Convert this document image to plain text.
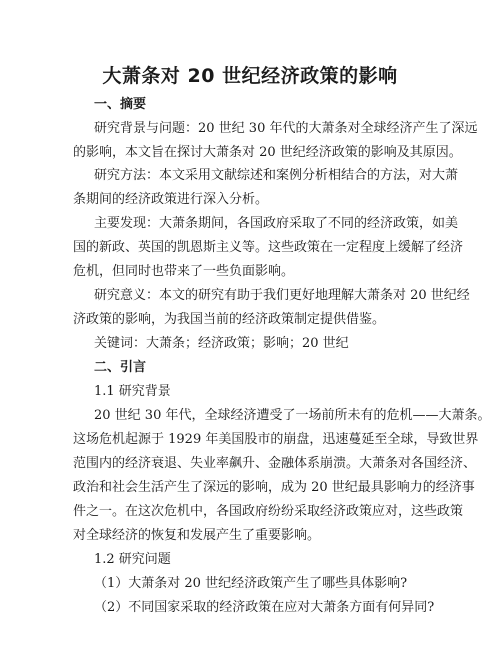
大萧条对 20 世纪经济政策的影响
一、摘要
研究背景与问题：20 世纪 30 年代的大萧条对全球经济产生了深远
的影响，本文旨在探讨大萧条对 20 世纪经济政策的影响及其原因。
研究方法：本文采用文献综述和案例分析相结合的方法，对大萧
条期间的经济政策进行深入分析。
主要发现：大萧条期间，各国政府采取了不同的经济政策，如美
国的新政、英国的凯恩斯主义等。这些政策在一定程度上缓解了经济
危机，但同时也带来了一些负面影响。
研究意义：本文的研究有助于我们更好地理解大萧条对 20 世纪经
济政策的影响，为我国当前的经济政策制定提供借鉴。
关键词：大萧条；经济政策；影响；20 世纪
二、引言
1.1 研究背景
20 世纪 30 年代，全球经济遭受了一场前所未有的危机——大萧条。
这场危机起源于 1929 年美国股市的崩盘，迅速蔓延至全球，导致世界
范围内的经济衰退、失业率飙升、金融体系崩溃。大萧条对各国经济、
政治和社会生活产生了深远的影响，成为 20 世纪最具影响力的经济事
件之一。在这次危机中，各国政府纷纷采取经济政策应对，这些政策
对全球经济的恢复和发展产生了重要影响。
1.2 研究问题
（1）大萧条对 20 世纪经济政策产生了哪些具体影响?
（2）不同国家采取的经济政策在应对大萧条方面有何异同?
